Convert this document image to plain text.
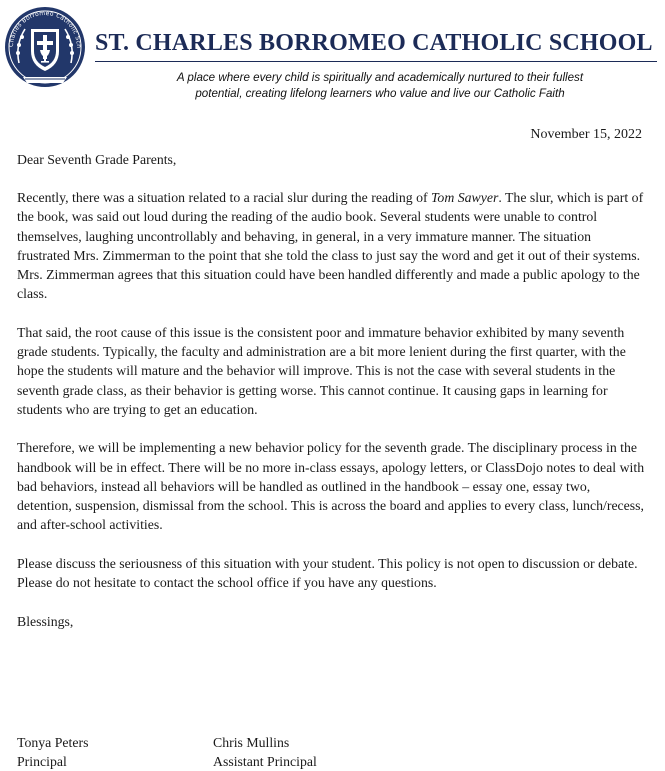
Charles Borromeo Catholic Sch ST. CHARLES BORROMEO CATHOLIC SCHOOL
A place where every child is spiritually and academically nurtured to their fullest
potential, creating lifelong learners who value and live our Catholic Faith
November 15, 2022

Dear Seventh Grade Parents,

Recently, there was a situation related to a racial slur during the reading of Tom Sawyer. The slur, which is part of the book, was said out loud during the reading of the audio book. Several students were unable to control themselves, laughing uncontrollably and behaving, in general, in a very immature manner. The situation frustrated Mrs. Zimmerman to the point that she told the class to just say the word and get it out of their systems. Mrs. Zimmerman agrees that this situation could have been handled differently and made a public apology to the class.

That said, the root cause of this issue is the consistent poor and immature behavior exhibited by many seventh grade students. Typically, the faculty and administration are a bit more lenient during the first quarter, with the hope the students will mature and the behavior will improve. This is not the case with several students in the seventh grade class, as their behavior is getting worse. This cannot continue. It causing gaps in learning for students who are trying to get an education.

Therefore, we will be implementing a new behavior policy for the seventh grade. The disciplinary process in the handbook will be in effect. There will be no more in-class essays, apology letters, or ClassDojo notes to deal with bad behaviors, instead all behaviors will be handled as outlined in the handbook – essay one, essay two, detention, suspension, dismissal from the school. This is across the board and applies to every class, lunch/recess, and after-school activities.

Please discuss the seriousness of this situation with your student. This policy is not open to discussion or debate. Please do not hesitate to contact the school office if you have any questions.

Blessings,

Tonya Peters
Principal
Chris Mullins
Assistant Principal
